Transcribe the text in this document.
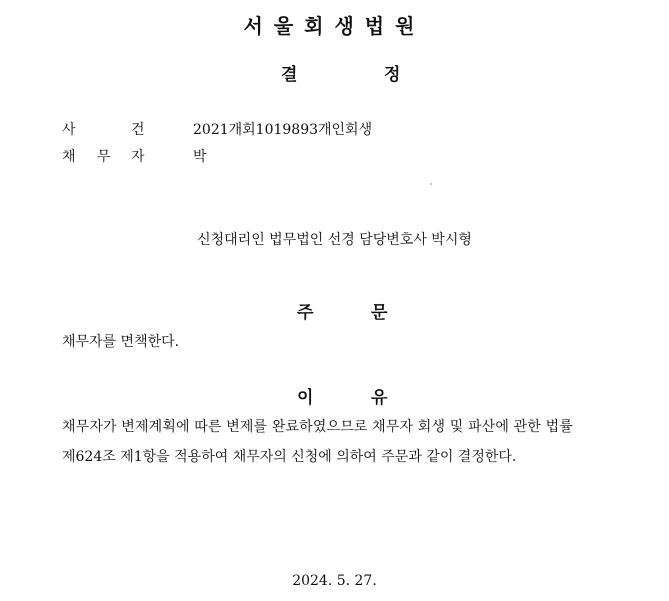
서울회생법원
결	정
사	건	2021개회1019893 개인회생
채 무 자	박
신청대리인 법무법인 선경 담당변호사 박시형
주	문
채무자를 면책한다.
이	유
채무자가 변제계획에 따른 변제를 완료하였으므로 채무자 회생 및 파산에 관한 법률
제624조 제1항을 적용하여 채무자의 신청에 의하여 주문과 같이 결정한다.
2024. 5. 27.
